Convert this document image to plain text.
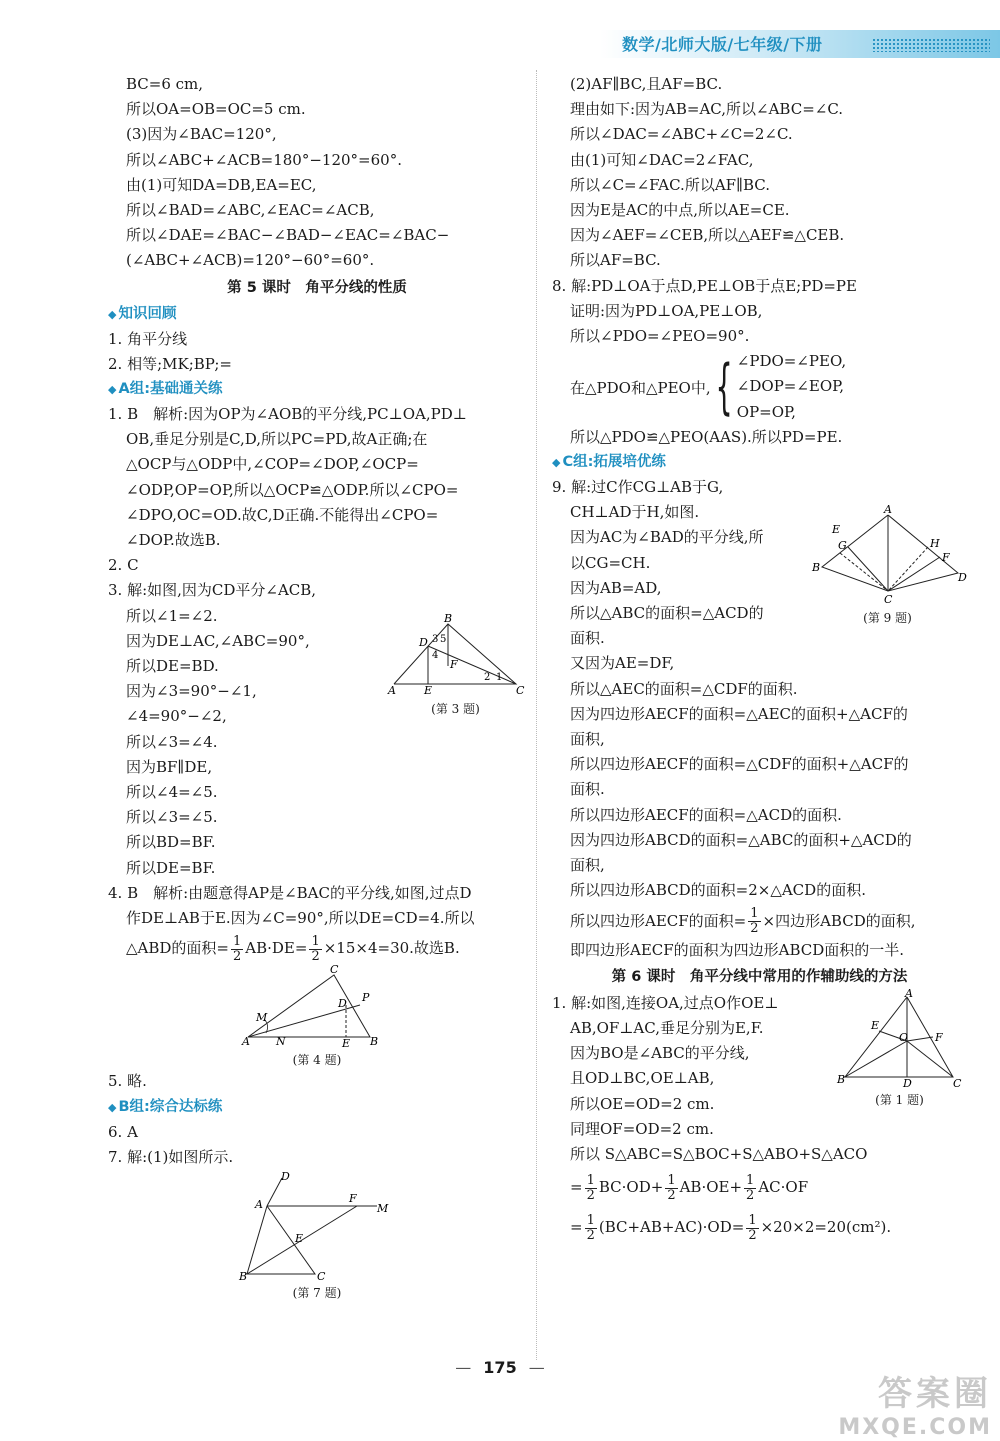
数学/北师大版/七年级/下册
BC=6 cm,
所以OA=OB=OC=5 cm.
(3)因为∠BAC=120°,
所以∠ABC+∠ACB=180°−120°=60°.
由(1)可知DA=DB,EA=EC,
所以∠BAD=∠ABC,∠EAC=∠ACB,
所以∠DAE=∠BAC−∠BAD−∠EAC=∠BAC−
(∠ABC+∠ACB)=120°−60°=60°.
第 5 课时　角平分线的性质
◆ 知识回顾
1. 角平分线
2. 相等;MK;BP;=
◆ A组:基础通关练
1. B　解析:因为OP为∠AOB的平分线,PC⊥OA,PD⊥
OB,垂足分别是C,D,所以PC=PD,故A正确;在
△OCP与△ODP中,∠COP=∠DOP,∠OCP=
∠ODP,OP=OP,所以△OCP≌△ODP.所以∠CPO=
∠DPO,OC=OD.故C,D正确.不能得出∠CPO=
∠DOP.故选B.
2. C
3. 解:如图,因为CD平分∠ACB,
所以∠1=∠2.
因为DE⊥AC,∠ABC=90°,
所以DE=BD.
因为∠3=90°−∠1,
∠4=90°−∠2,
所以∠3=∠4.
因为BF∥DE,
所以∠4=∠5.
所以∠3=∠5.
所以BD=BF.
所以DE=BF.
B
D
A	E	C
F
3 5
4
2 1
(第 3 题)
4. B　解析:由题意得AP是∠BAC的平分线,如图,过点D
作DE⊥AB于E.因为∠C=90°,所以DE=CD=4.所以
△ABD的面积= $\frac{1}{2} AB\cdot DE= \frac{1}{2} \times 15\times 4=30$.故选B.
C
D P
M
A N	E B
(第 4 题)
5. 略.
◆ B组:综合达标练
6. A
7. 解:(1)如图所示.
D
A	F
M
E
B	C
(第 7 题)
(2)AF∥BC,且AF=BC.
理由如下:因为AB=AC,所以∠ABC=∠C.
所以∠DAC=∠ABC+∠C=2∠C.
由(1)可知∠DAC=2∠FAC,
所以∠C=∠FAC.所以AF∥BC.
因为E是AC的中点,所以AE=CE.
因为∠AEF=∠CEB,所以△AEF≌△CEB.
所以AF=BC.
8. 解:PD⊥OA于点D,PE⊥OB于点E;PD=PE
证明:因为PD⊥OA,PE⊥OB,
所以∠PDO=∠PEO=90°.
在△PDO和△PEO中, { ∠PDO=∠PEO,
∠DOP=∠EOP,
OP=OP,
所以△PDO≌△PEO(AAS).所以PD=PE.
◆ C组:拓展培优练
9. 解:过C作CG⊥AB于G,
CH⊥AD于H,如图.
因为AC为∠BAD的平分线,所
以CG=CH.
因为AB=AD,
所以△ABC的面积=△ACD的
面积.
A
G
E
H
F
B
D
C
(第 9 题)
又因为AE=DF,
所以△AEC的面积=△CDF的面积.
因为四边形AECF的面积=△AEC的面积+△ACF的
面积,
所以四边形AECF的面积=△CDF的面积+△ACF的
面积.
所以四边形AECF的面积=△ACD的面积.
因为四边形ABCD的面积=△ABC的面积+△ACD的
面积,
所以四边形ABCD的面积=2×△ACD的面积.
所以四边形AECF的面积= $\frac{1}{2}$ ×四边形ABCD的面积,
即四边形AECF的面积为四边形ABCD面积的一半.
第 6 课时　角平分线中常用的作辅助线的方法
1. 解:如图,连接OA,过点O作OE⊥
AB,OF⊥AC,垂足分别为E,F.
因为BO是∠ABC的平分线,
且OD⊥BC,OE⊥AB,
所以OE=OD=2 cm.
同理OF=OD=2 cm.
A
E
O F
B	D	C
(第 1 题)
所以 S△ABC=S△BOC+S△ABO+S△ACO
= $\frac{1}{2} BC\cdot OD+ \frac{1}{2} AB\cdot OE+ \frac{1}{2} AC\cdot OF$
= $\frac{1}{2} (BC+AB+AC)\cdot OD= \frac{1}{2} \times 20\times 2=20(cm^2)$.
— 175 —
答案圈
MXQE.COM
